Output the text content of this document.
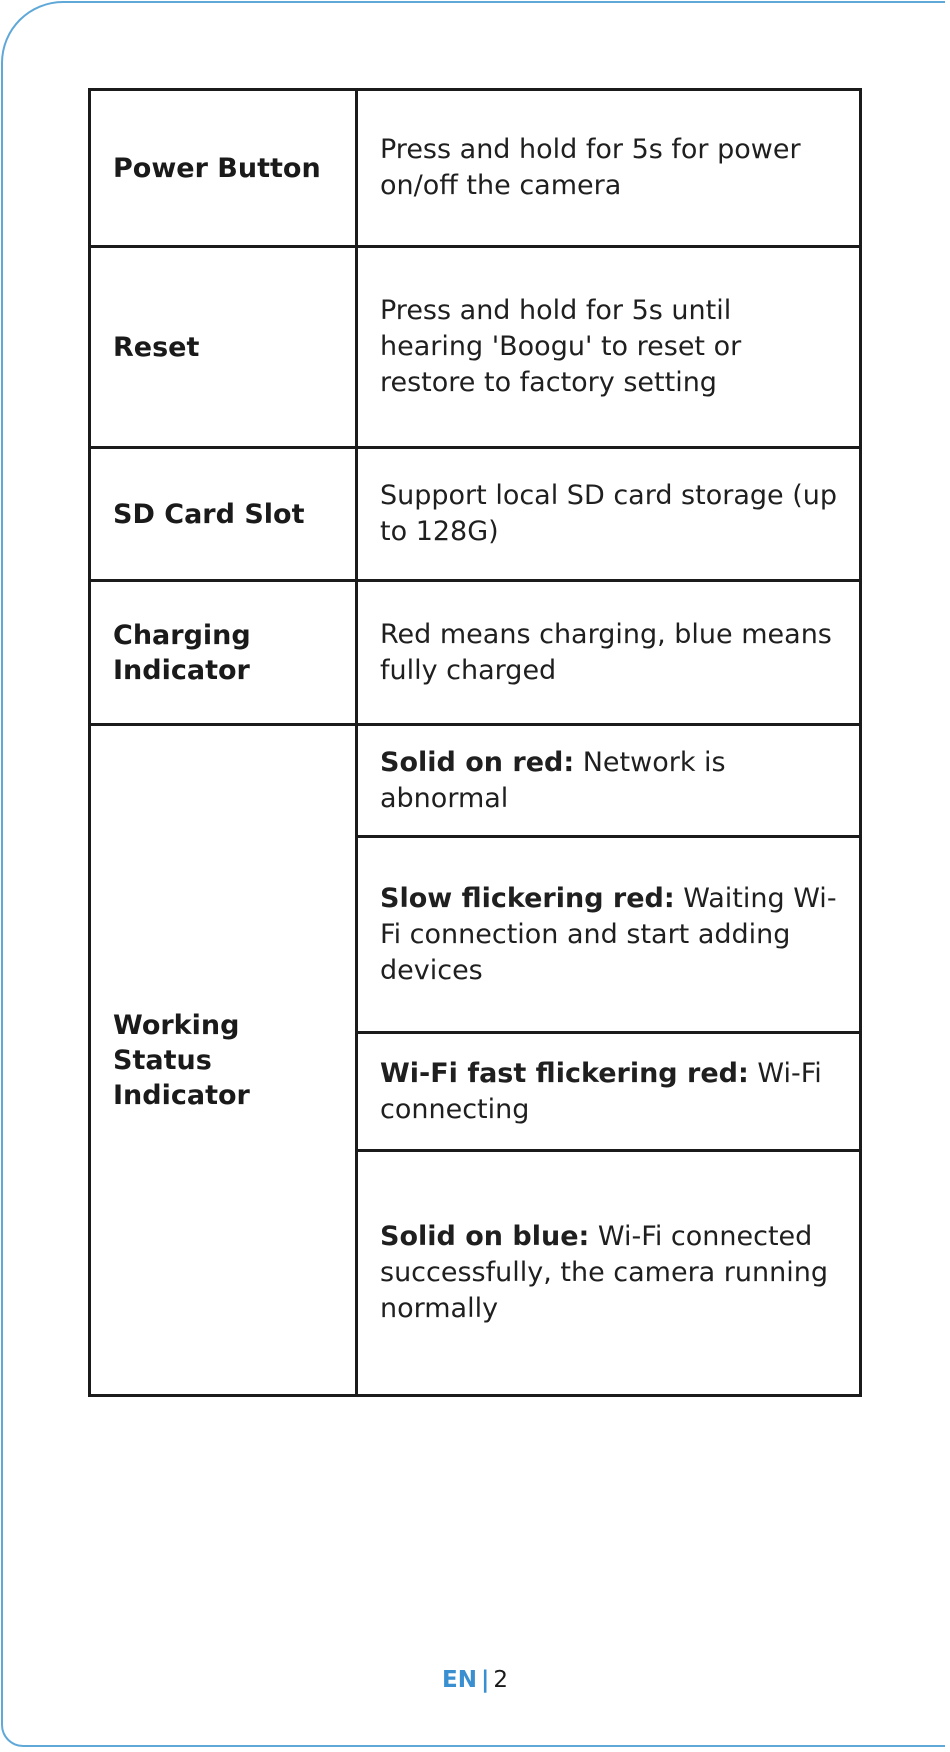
Power Button	Press and hold for 5s for power on/off the camera
Reset	Press and hold for 5s until hearing 'Boogu' to reset or restore to factory setting
SD Card Slot	Support local SD card storage (up to 128G)
Charging Indicator	Red means charging, blue means fully charged
Working Status Indicator	Solid on red: Network is abnormal
	Slow flickering red: Waiting Wi-Fi connection and start adding devices
	Wi-Fi fast flickering red: Wi-Fi connecting
	Solid on blue: Wi-Fi connected successfully, the camera running normally
EN | 2
